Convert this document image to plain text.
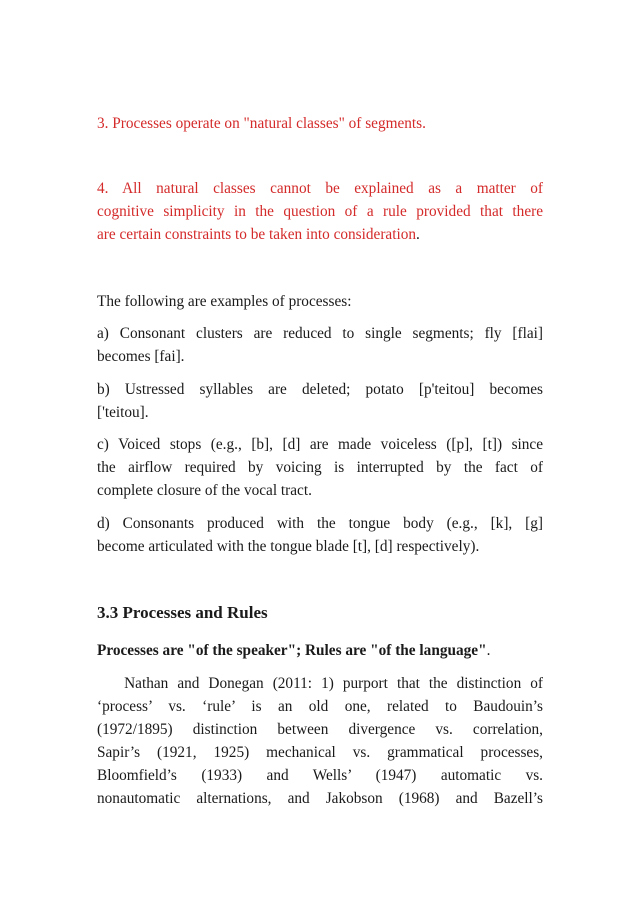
3. Processes operate on "natural classes" of segments.

4. All natural classes cannot be explained as a matter of
cognitive simplicity in the question of a rule provided that there
are certain constraints to be taken into consideration.

The following are examples of processes:

a) Consonant clusters are reduced to single segments; fly [flai]
becomes [fai].

b) Ustressed syllables are deleted; potato [p'teitou] becomes
['teitou].

c) Voiced stops (e.g., [b], [d] are made voiceless ([p], [t]) since
the airflow required by voicing is interrupted by the fact of
complete closure of the vocal tract.

d) Consonants produced with the tongue body (e.g., [k], [g]
become articulated with the tongue blade [t], [d] respectively).

3.3 Processes and Rules

Processes are "of the speaker"; Rules are "of the language".

Nathan and Donegan (2011: 1) purport that the distinction of
‘process’ vs. ‘rule’ is an old one, related to Baudouin’s
(1972/1895) distinction between divergence vs. correlation,
Sapir’s (1921, 1925) mechanical vs. grammatical processes,
Bloomfield’s (1933) and Wells’ (1947) automatic vs.
nonautomatic alternations, and Jakobson (1968) and Bazell’s
